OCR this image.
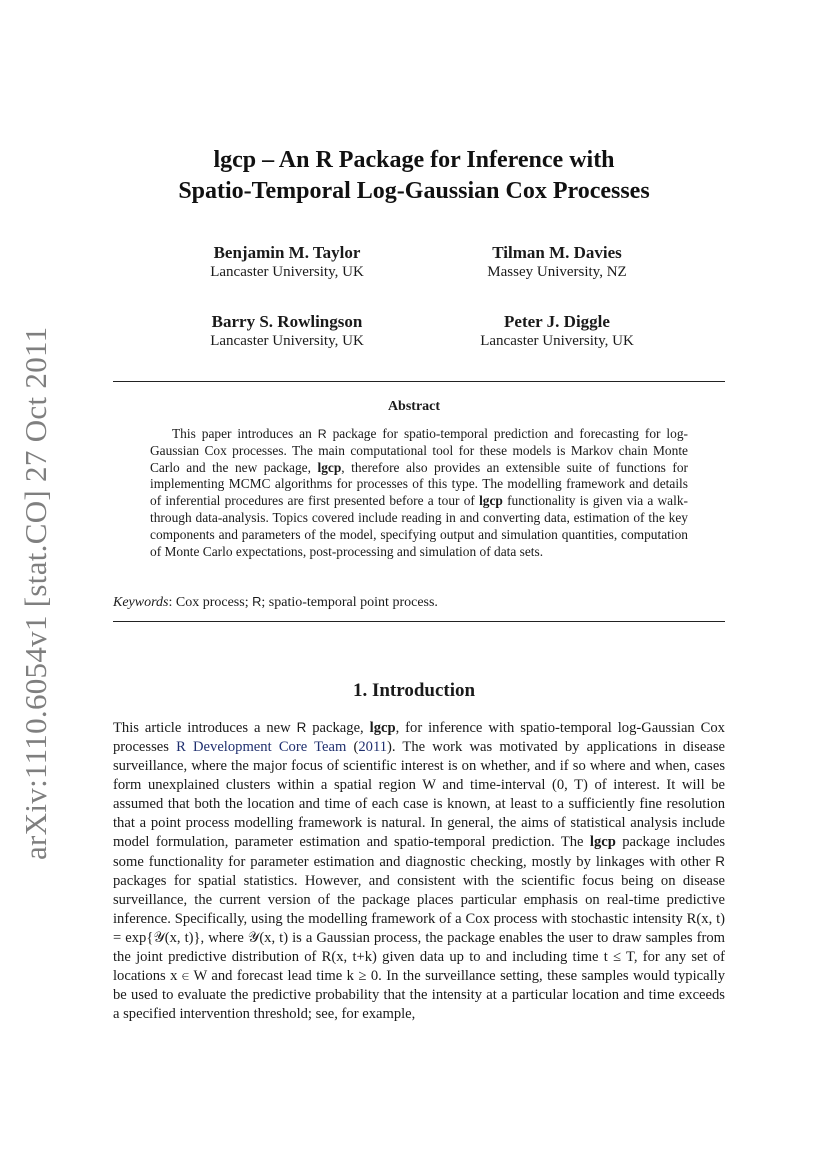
arXiv:1110.6054v1 [stat.CO] 27 Oct 2011
lgcp – An R Package for Inference with
Spatio-Temporal Log-Gaussian Cox Processes
Benjamin M. Taylor
Lancaster University, UK
Tilman M. Davies
Massey University, NZ
Barry S. Rowlingson
Lancaster University, UK
Peter J. Diggle
Lancaster University, UK
Abstract
This paper introduces an R package for spatio-temporal prediction and forecasting for log-Gaussian Cox processes. The main computational tool for these models is Markov chain Monte Carlo and the new package, lgcp, therefore also provides an extensible suite of functions for implementing MCMC algorithms for processes of this type. The modelling framework and details of inferential procedures are first presented before a tour of lgcp functionality is given via a walk-through data-analysis. Topics covered include reading in and converting data, estimation of the key components and parameters of the model, specifying output and simulation quantities, computation of Monte Carlo expectations, post-processing and simulation of data sets.
Keywords: Cox process; R; spatio-temporal point process.
1. Introduction
This article introduces a new R package, lgcp, for inference with spatio-temporal log-Gaussian Cox processes R Development Core Team (2011). The work was motivated by applications in disease surveillance, where the major focus of scientific interest is on whether, and if so where and when, cases form unexplained clusters within a spatial region W and time-interval (0, T) of interest. It will be assumed that both the location and time of each case is known, at least to a sufficiently fine resolution that a point process modelling framework is natural. In general, the aims of statistical analysis include model formulation, parameter estimation and spatio-temporal prediction. The lgcp package includes some functionality for parameter estimation and diagnostic checking, mostly by linkages with other R packages for spatial statistics. However, and consistent with the scientific focus being on disease surveillance, the current version of the package places particular emphasis on real-time predictive inference. Specifically, using the modelling framework of a Cox process with stochastic intensity R(x, t) = exp{𝒴(x, t)}, where 𝒴(x, t) is a Gaussian process, the package enables the user to draw samples from the joint predictive distribution of R(x, t+k) given data up to and including time t ≤ T, for any set of locations x ∈ W and forecast lead time k ≥ 0. In the surveillance setting, these samples would typically be used to evaluate the predictive probability that the intensity at a particular location and time exceeds a specified intervention threshold; see, for example,
